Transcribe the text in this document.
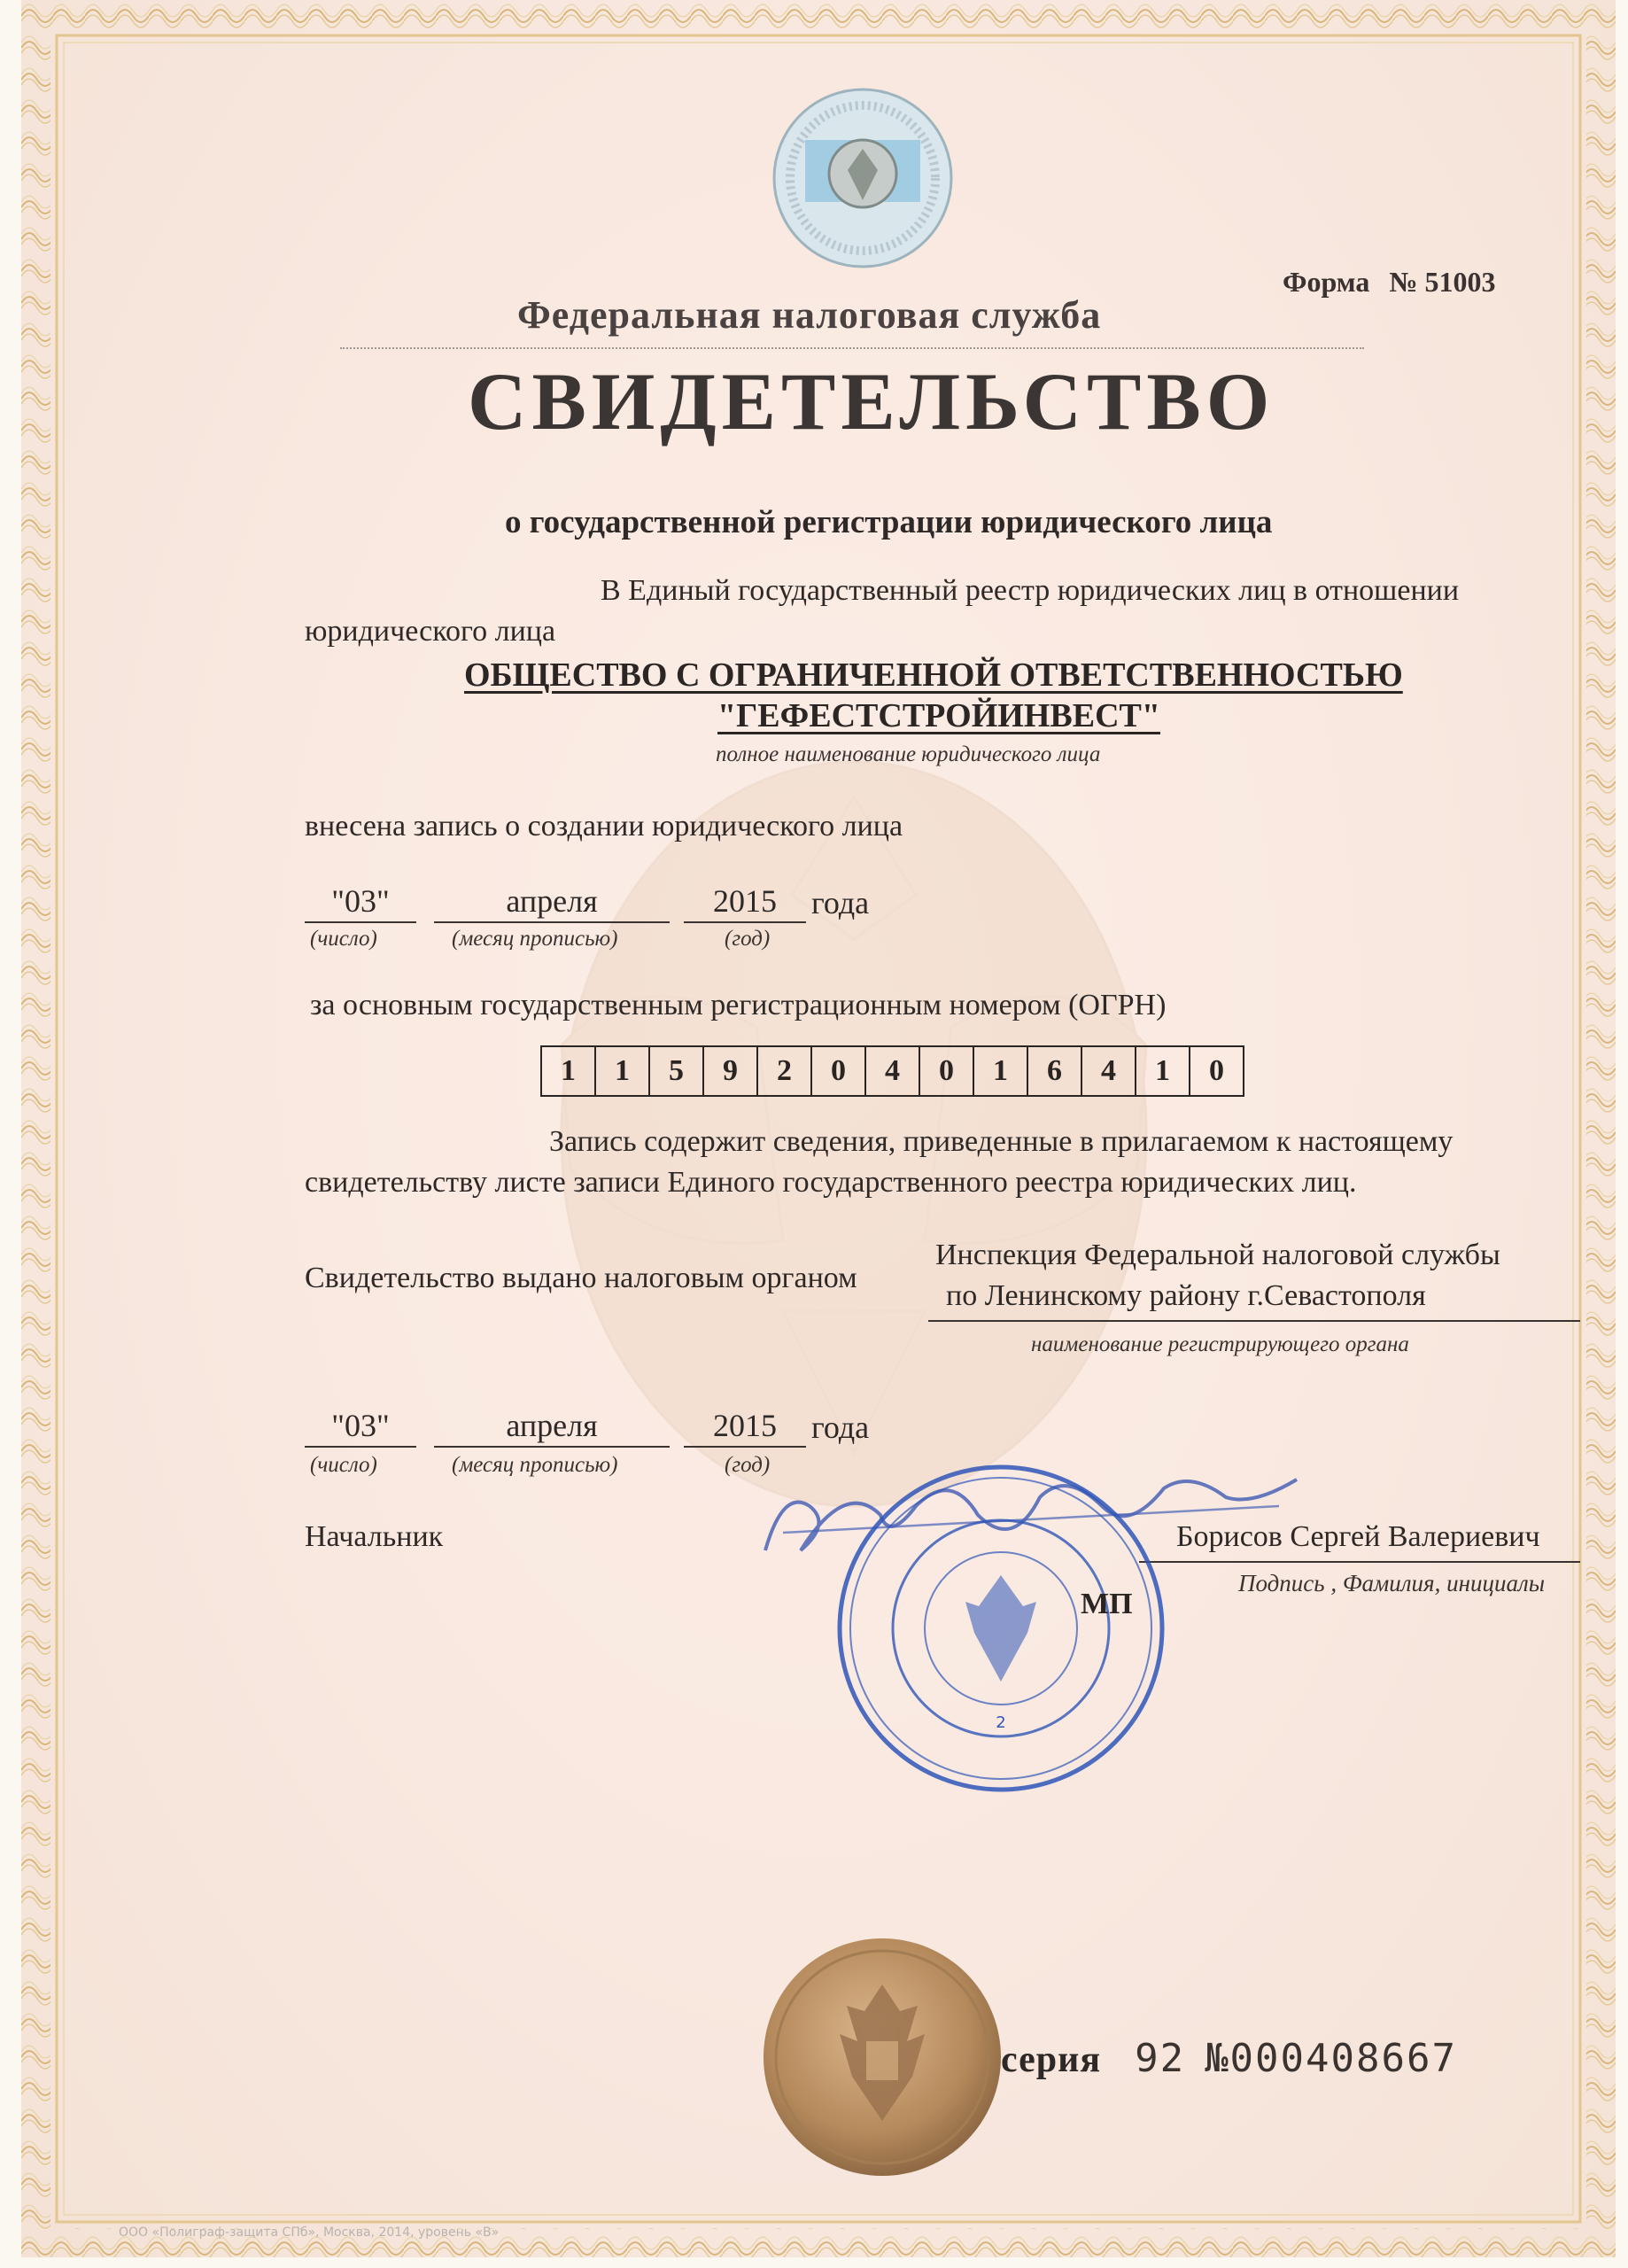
Форма № 51003
Федеральная налоговая служба
СВИДЕТЕЛЬСТВО
о государственной регистрации юридического лица
В Единый государственный реестр юридических лиц в отношении
юридического лица
ОБЩЕСТВО С ОГРАНИЧЕННОЙ ОТВЕТСТВЕННОСТЬЮ
"ГЕФЕСТСТРОЙИНВЕСТ"
полное наименование юридического лица
внесена запись о создании юридического лица
"03"	апреля	2015	года
(число)	(месяц прописью)	(год)
за основным государственным регистрационным номером (ОГРН)
1	1	5	9	2	0	4	0	1	6	4	1	0
Запись содержит сведения, приведенные в прилагаемом к настоящему
свидетельству листе записи Единого государственного реестра юридических лиц.
Свидетельство выдано налоговым органом
Инспекция Федеральной налоговой службы
по Ленинскому району г.Севастополя
наименование регистрирующего органа
"03"	апреля	2015	года
(число)	(месяц прописью)	(год)
Начальник	Борисов Сергей Валериевич
Подпись , Фамилия, инициалы
2
МП
серия 92 №000408667
ООО «Полиграф-защита СПб», Москва, 2014, уровень «В»
